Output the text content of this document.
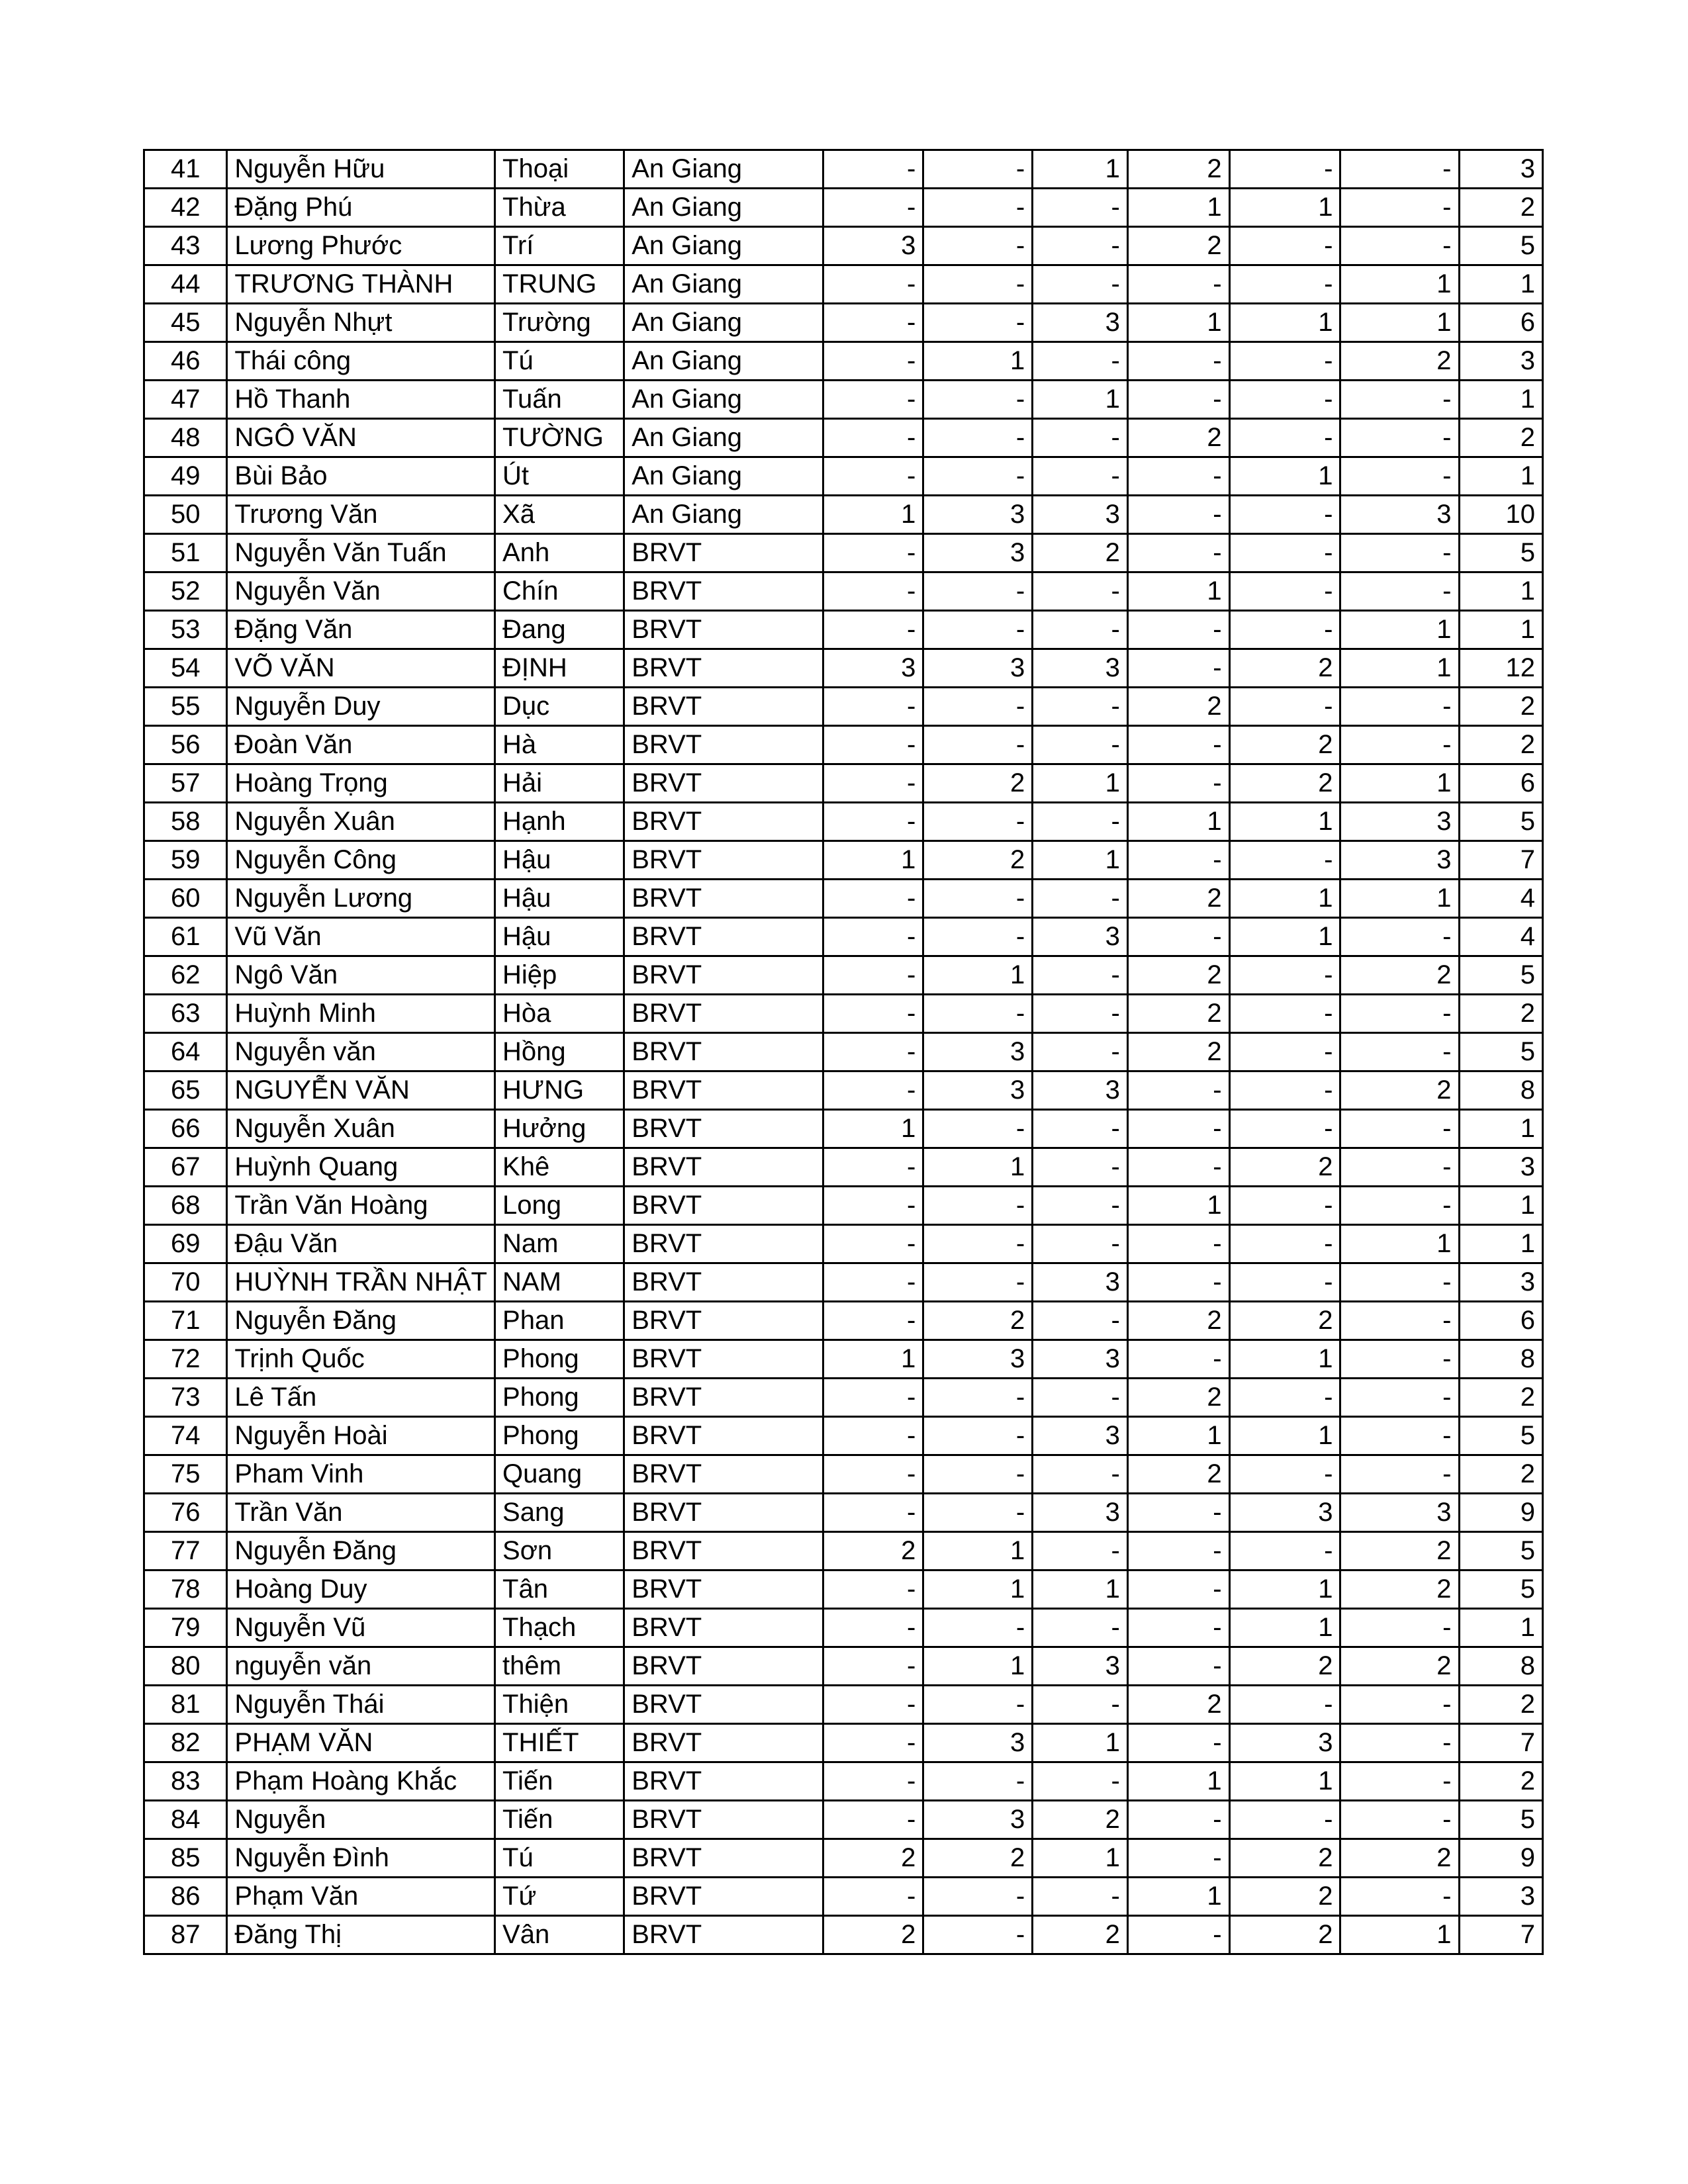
41	Nguyễn Hữu	Thoại	An Giang	-	-	1	2	-	-	3
42	Đặng Phú	Thừa	An Giang	-	-	-	1	1	-	2
43	Lương Phước	Trí	An Giang	3	-	-	2	-	-	5
44	TRƯƠNG THÀNH	TRUNG	An Giang	-	-	-	-	-	1	1
45	Nguyễn Nhựt	Trường	An Giang	-	-	3	1	1	1	6
46	Thái công	Tú	An Giang	-	1	-	-	-	2	3
47	Hồ Thanh	Tuấn	An Giang	-	-	1	-	-	-	1
48	NGÔ VĂN	TƯỜNG	An Giang	-	-	-	2	-	-	2
49	Bùi Bảo	Út	An Giang	-	-	-	-	1	-	1
50	Trương Văn	Xã	An Giang	1	3	3	-	-	3	10
51	Nguyễn Văn Tuấn	Anh	BRVT	-	3	2	-	-	-	5
52	Nguyễn Văn	Chín	BRVT	-	-	-	1	-	-	1
53	Đặng Văn	Đang	BRVT	-	-	-	-	-	1	1
54	VÕ VĂN	ĐỊNH	BRVT	3	3	3	-	2	1	12
55	Nguyễn Duy	Dục	BRVT	-	-	-	2	-	-	2
56	Đoàn Văn	Hà	BRVT	-	-	-	-	2	-	2
57	Hoàng Trọng	Hải	BRVT	-	2	1	-	2	1	6
58	Nguyễn Xuân	Hạnh	BRVT	-	-	-	1	1	3	5
59	Nguyễn Công	Hậu	BRVT	1	2	1	-	-	3	7
60	Nguyễn Lương	Hậu	BRVT	-	-	-	2	1	1	4
61	Vũ Văn	Hậu	BRVT	-	-	3	-	1	-	4
62	Ngô Văn	Hiệp	BRVT	-	1	-	2	-	2	5
63	Huỳnh Minh	Hòa	BRVT	-	-	-	2	-	-	2
64	Nguyễn văn	Hồng	BRVT	-	3	-	2	-	-	5
65	NGUYỄN VĂN	HƯNG	BRVT	-	3	3	-	-	2	8
66	Nguyễn Xuân	Hưởng	BRVT	1	-	-	-	-	-	1
67	Huỳnh Quang	Khê	BRVT	-	1	-	-	2	-	3
68	Trần Văn Hoàng	Long	BRVT	-	-	-	1	-	-	1
69	Đậu Văn	Nam	BRVT	-	-	-	-	-	1	1
70	HUỲNH TRẦN NHẬT	NAM	BRVT	-	-	3	-	-	-	3
71	Nguyễn Đăng	Phan	BRVT	-	2	-	2	2	-	6
72	Trịnh Quốc	Phong	BRVT	1	3	3	-	1	-	8
73	Lê Tấn	Phong	BRVT	-	-	-	2	-	-	2
74	Nguyễn Hoài	Phong	BRVT	-	-	3	1	1	-	5
75	Pham Vinh	Quang	BRVT	-	-	-	2	-	-	2
76	Trần Văn	Sang	BRVT	-	-	3	-	3	3	9
77	Nguyễn Đăng	Sơn	BRVT	2	1	-	-	-	2	5
78	Hoàng Duy	Tân	BRVT	-	1	1	-	1	2	5
79	Nguyễn Vũ	Thạch	BRVT	-	-	-	-	1	-	1
80	nguyễn văn	thêm	BRVT	-	1	3	-	2	2	8
81	Nguyễn Thái	Thiện	BRVT	-	-	-	2	-	-	2
82	PHẠM VĂN	THIẾT	BRVT	-	3	1	-	3	-	7
83	Phạm Hoàng Khắc	Tiến	BRVT	-	-	-	1	1	-	2
84	Nguyễn	Tiến	BRVT	-	3	2	-	-	-	5
85	Nguyễn Đình	Tú	BRVT	2	2	1	-	2	2	9
86	Phạm Văn	Tứ	BRVT	-	-	-	1	2	-	3
87	Đăng Thị	Vân	BRVT	2	-	2	-	2	1	7
